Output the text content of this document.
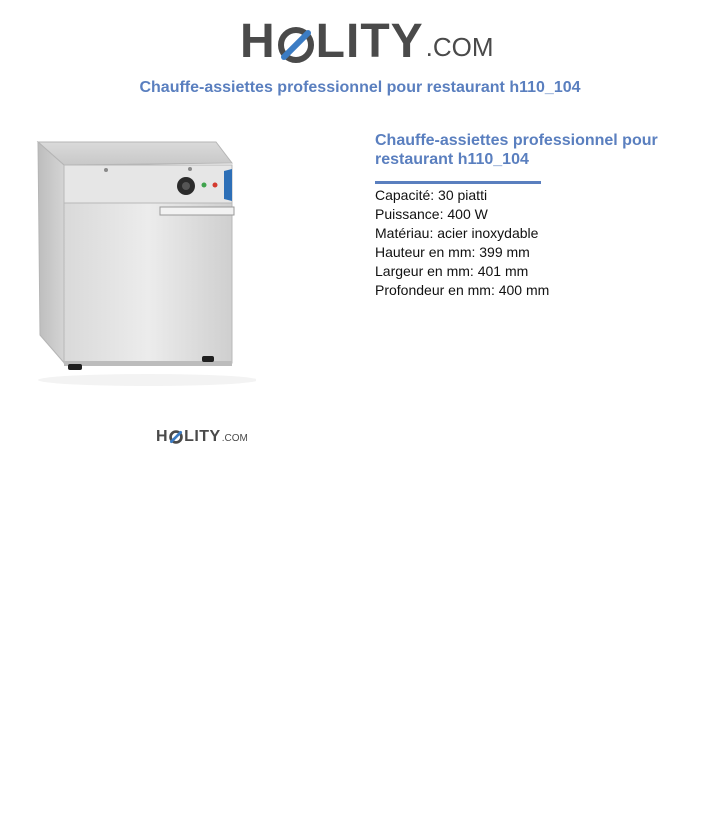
H LITY .COM
Chauffe-assiettes professionnel pour restaurant h110_104
H LITY .COM
Chauffe-assiettes professionnel pour restaurant h110_104
Capacité: 30 piatti
Puissance: 400 W
Matériau: acier inoxydable
Hauteur en mm: 399 mm
Largeur en mm: 401 mm
Profondeur en mm: 400 mm
